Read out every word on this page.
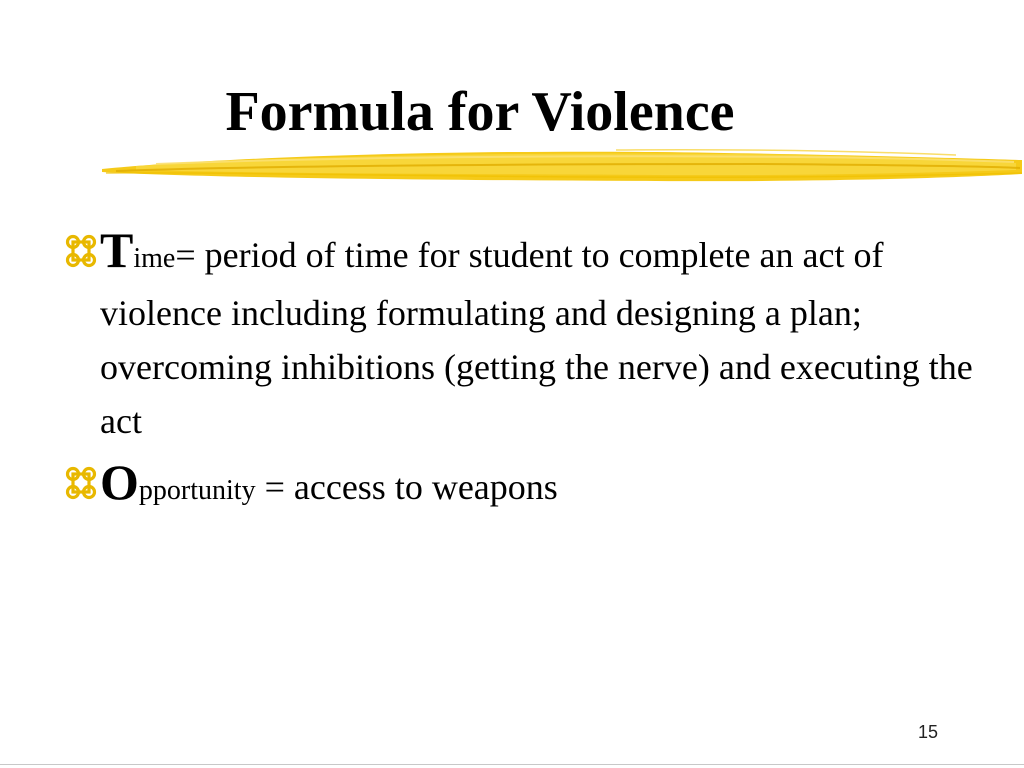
Formula for Violence
Time= period of time for student to complete an act of violence including formulating and designing a plan; overcoming inhibitions (getting the nerve) and executing the act
Opportunity = access to weapons
15
